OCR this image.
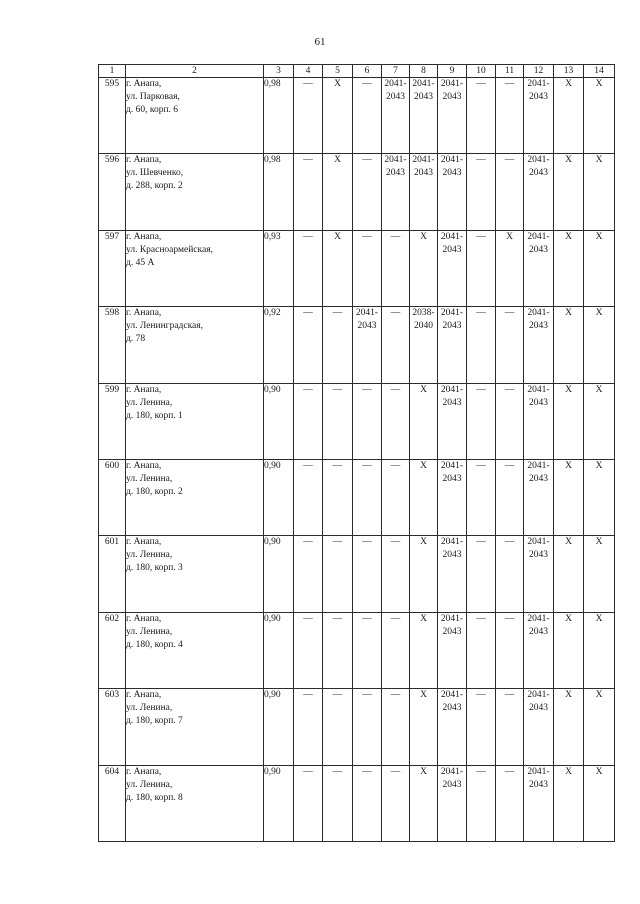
61
1	2	3	4	5	6	7	8	9	10	11	12	13	14
595	г. Анапа,
ул. Парковая,
д. 60, корп. 6	0,98	—	Х	—	2041-
2043	2041-
2043	2041-
2043	—	—	2041-
2043	Х	Х
596	г. Анапа,
ул. Шевченко,
д. 288, корп. 2	0,98	—	Х	—	2041-
2043	2041-
2043	2041-
2043	—	—	2041-
2043	Х	Х
597	г. Анапа,
ул. Красноармейская,
д. 45 А	0,93	—	Х	—	—	Х	2041-
2043	—	Х	2041-
2043	Х	Х
598	г. Анапа,
ул. Ленинградская,
д. 78	0,92	—	—	2041-
2043	—	2038-
2040	2041-
2043	—	—	2041-
2043	Х	Х
599	г. Анапа,
ул. Ленина,
д. 180, корп. 1	0,90	—	—	—	—	Х	2041-
2043	—	—	2041-
2043	Х	Х
600	г. Анапа,
ул. Ленина,
д. 180, корп. 2	0,90	—	—	—	—	Х	2041-
2043	—	—	2041-
2043	Х	Х
601	г. Анапа,
ул. Ленина,
д. 180, корп. 3	0,90	—	—	—	—	Х	2041-
2043	—	—	2041-
2043	Х	Х
602	г. Анапа,
ул. Ленина,
д. 180, корп. 4	0,90	—	—	—	—	Х	2041-
2043	—	—	2041-
2043	Х	Х
603	г. Анапа,
ул. Ленина,
д. 180, корп. 7	0,90	—	—	—	—	Х	2041-
2043	—	—	2041-
2043	Х	Х
604	г. Анапа,
ул. Ленина,
д. 180, корп. 8	0,90	—	—	—	—	Х	2041-
2043	—	—	2041-
2043	Х	Х
